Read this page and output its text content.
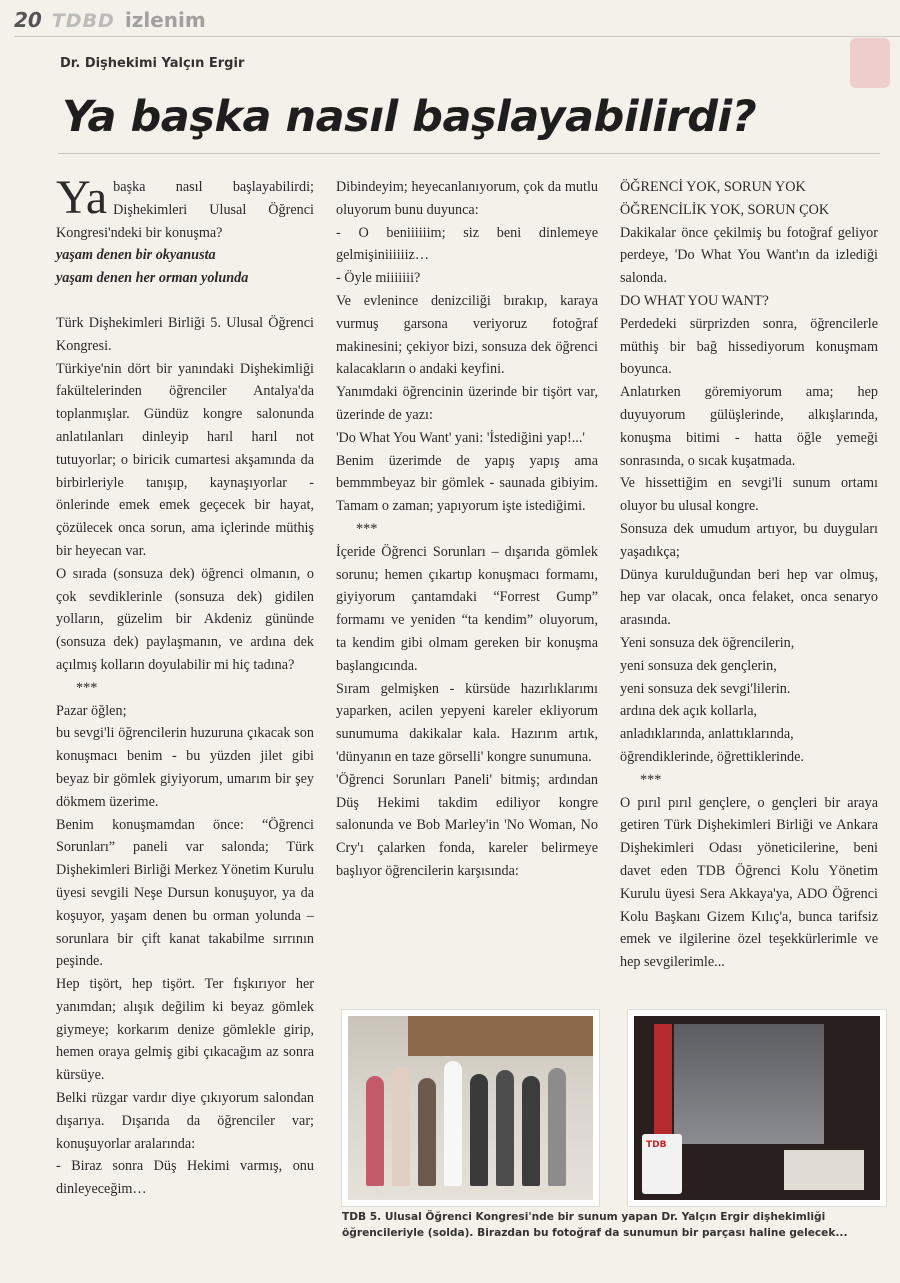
20 TDBD izlenim
Dr. Dişhekimi Yalçın Ergir
Ya başka nasıl başlayabilirdi?
Ya başka nasıl başlayabilirdi; Dişhekimleri Ulusal Öğrenci Kongresi'ndeki bir konuşma?

yaşam denen bir okyanusta

yaşam denen her orman yolunda

Türk Dişhekimleri Birliği 5. Ulusal Öğrenci Kongresi.

Türkiye'nin dört bir yanındaki Dişhekimliği fakültelerinden öğrenciler Antalya'da toplanmışlar. Gündüz kongre salonunda anlatılanları dinleyip harıl harıl not tutuyorlar; o biricik cumartesi akşamında da birbirleriyle tanışıp, kaynaşıyorlar - önlerinde emek emek geçecek bir hayat, çözülecek onca sorun, ama içlerinde müthiş bir heyecan var.

O sırada (sonsuza dek) öğrenci olmanın, o çok sevdiklerinle (sonsuza dek) gidilen yolların, güzelim bir Akdeniz gününde (sonsuza dek) paylaşmanın, ve ardına dek açılmış kolların doyulabilir mi hiç tadına?

***

Pazar öğlen;

bu sevgi'li öğrencilerin huzuruna çıkacak son konuşmacı benim - bu yüzden jilet gibi beyaz bir gömlek giyiyorum, umarım bir şey dökmem üzerime.

Benim konuşmamdan önce: “Öğrenci Sorunları” paneli var salonda; Türk Dişhekimleri Birliği Merkez Yönetim Kurulu üyesi sevgili Neşe Dursun konuşuyor, ya da koşuyor, yaşam denen bu orman yolunda – sorunlara bir çift kanat takabilme sırrının peşinde.

Hep tişört, hep tişört. Ter fışkırıyor her yanımdan; alışık değilim ki beyaz gömlek giymeye; korkarım denize gömlekle girip, hemen oraya gelmiş gibi çıkacağım az sonra kürsüye.

Belki rüzgar vardır diye çıkıyorum salondan dışarıya. Dışarıda da öğrenciler var; konuşuyorlar aralarında:

- Biraz sonra Düş Hekimi varmış, onu dinleyeceğim…

Dibindeyim; heyecanlanıyorum, çok da mutlu oluyorum bunu duyunca:

- O beniiiiiim; siz beni dinlemeye gelmişiniiiiiiz…

- Öyle miiiiiii?

Ve evlenince denizciliği bırakıp, karaya vurmuş garsona veriyoruz fotoğraf makinesini; çekiyor bizi, sonsuza dek öğrenci kalacakların o andaki keyfini.

Yanımdaki öğrencinin üzerinde bir tişört var, üzerinde de yazı:

'Do What You Want' yani: 'İstediğini yap!...'

Benim üzerimde de yapış yapış ama bemmmbeyaz bir gömlek - saunada gibiyim. Tamam o zaman; yapıyorum işte istediğimi.

***

İçeride Öğrenci Sorunları – dışarıda gömlek sorunu; hemen çıkartıp konuşmacı formamı, giyiyorum çantamdaki “Forrest Gump” formamı ve yeniden “ta kendim” oluyorum, ta kendim gibi olmam gereken bir konuşma başlangıcında.

Sıram gelmişken - kürsüde hazırlıklarımı yaparken, acilen yepyeni kareler ekliyorum sunumuma dakikalar kala. Hazırım artık, 'dünyanın en taze görselli' kongre sunumuna.

'Öğrenci Sorunları Paneli' bitmiş; ardından Düş Hekimi takdim ediliyor kongre salonunda ve Bob Marley'in 'No Woman, No Cry'ı çalarken fonda, kareler belirmeye başlıyor öğrencilerin karşısında:

ÖĞRENCİ YOK, SORUN YOK

ÖĞRENCİLİK YOK, SORUN ÇOK

Dakikalar önce çekilmiş bu fotoğraf geliyor perdeye, 'Do What You Want'ın da izlediği salonda.

DO WHAT YOU WANT?

Perdedeki sürprizden sonra, öğrencilerle müthiş bir bağ hissediyorum konuşmam boyunca.

Anlatırken göremiyorum ama; hep duyuyorum gülüşlerinde, alkışlarında, konuşma bitimi - hatta öğle yemeği sonrasında, o sıcak kuşatmada.

Ve hissettiğim en sevgi'li sunum ortamı oluyor bu ulusal kongre.

Sonsuza dek umudum artıyor, bu duyguları yaşadıkça;

Dünya kurulduğundan beri hep var olmuş, hep var olacak, onca felaket, onca senaryo arasında.

Yeni sonsuza dek öğrencilerin,

yeni sonsuza dek gençlerin,

yeni sonsuza dek sevgi'lilerin.

ardına dek açık kollarla,

anladıklarında, anlattıklarında,

öğrendiklerinde, öğrettiklerinde.

***

O pırıl pırıl gençlere, o gençleri bir araya getiren Türk Dişhekimleri Birliği ve Ankara Dişhekimleri Odası yöneticilerine, beni davet eden TDB Öğrenci Kolu Yönetim Kurulu üyesi Sera Akkaya'ya, ADO Öğrenci Kolu Başkanı Gizem Kılıç'a, bunca tarifsiz emek ve ilgilerine özel teşekkürlerimle ve hep sevgilerimle...

TDB
TDB 5. Ulusal Öğrenci Kongresi'nde bir sunum yapan Dr. Yalçın Ergir dişhekimliği öğrencileriyle (solda). Birazdan bu fotoğraf da sunumun bir parçası haline gelecek...
